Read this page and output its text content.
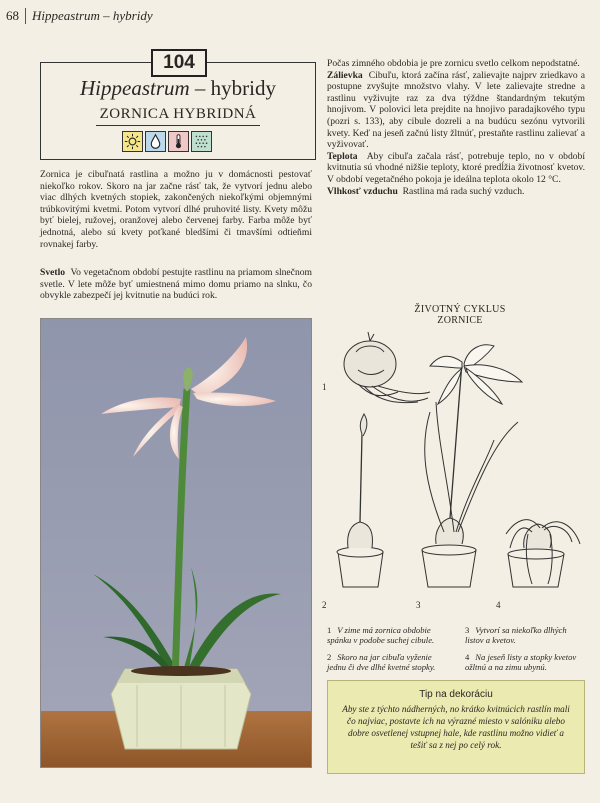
68 Hippeastrum – hybridy
104
Hippeastrum – hybridy
ZORNICA HYBRIDNÁ
Zornica je cibuľnatá rastlina a možno ju v domácnosti pestovať niekoľko rokov. Skoro na jar začne rásť tak, že vytvorí jednu alebo viac dlhých kvetných stopiek, zakončených niekoľkými objemnými trúbkovitými kvetmi. Potom vytvorí dlhé pruhovité listy. Kvety môžu byť bielej, ružovej, oranžovej alebo červenej farby. Farba môže byť jednotná, alebo sú kvety poťkané bledšími či tmavšími odtieňmi rovnakej farby.
Svetlo Vo vegetačnom období pestujte rastlinu na priamom slnečnom svetle. V lete môže byť umiestnená mimo domu priamo na slnku, čo obvykle zabezpečí jej kvitnutie na budúci rok.
Počas zimného obdobia je pre zornicu svetlo celkom nepodstatné.
Zálievka Cibuľu, ktorá začína rásť, zalievajte najprv zriedkavo a postupne zvyšujte množstvo vlahy. V lete zalievajte stredne a rastlinu vyživujte raz za dva týždne štandardným tekutým hnojivom. V polovici leta prejdite na hnojivo paradajkového typu (pozri s. 133), aby cibule dozreli a na budúcu sezónu vytvorili kvety. Keď na jeseň začnú listy žltnúť, prestaňte rastlinu zalievať a vyživovať.
Teplota Aby cibuľa začala rásť, potrebuje teplo, no v období kvitnutia sú vhodné nižšie teploty, ktoré predĺžia životnosť kvetov. V období vegetačného pokoja je ideálna teplota okolo 12 °C.
Vlhkosť vzduchu Rastlina má rada suchý vzduch.
ŽIVOTNÝ CYKLUS ZORNICE
1
2	3	4
1 V zime má zornica obdobie spánku v podobe suchej cibule.
3 Vytvorí sa niekoľko dlhých listov a kvetov.
Tip na dekoráciu
Aby ste z týchto nádherných, no krátko kvitnúcich rastlín mali čo najviac, postavte ich na výrazné miesto v salóniku alebo dobre osvetlenej vstupnej hale, kde rastlinu možno vidieť a tešiť sa z nej po celý rok.
2 Skoro na jar cibuľa vyženie jednu či dve dlhé kvetné stopky.
4 Na jeseň listy a stopky kvetov ožltnú a na zimu ubynú.
